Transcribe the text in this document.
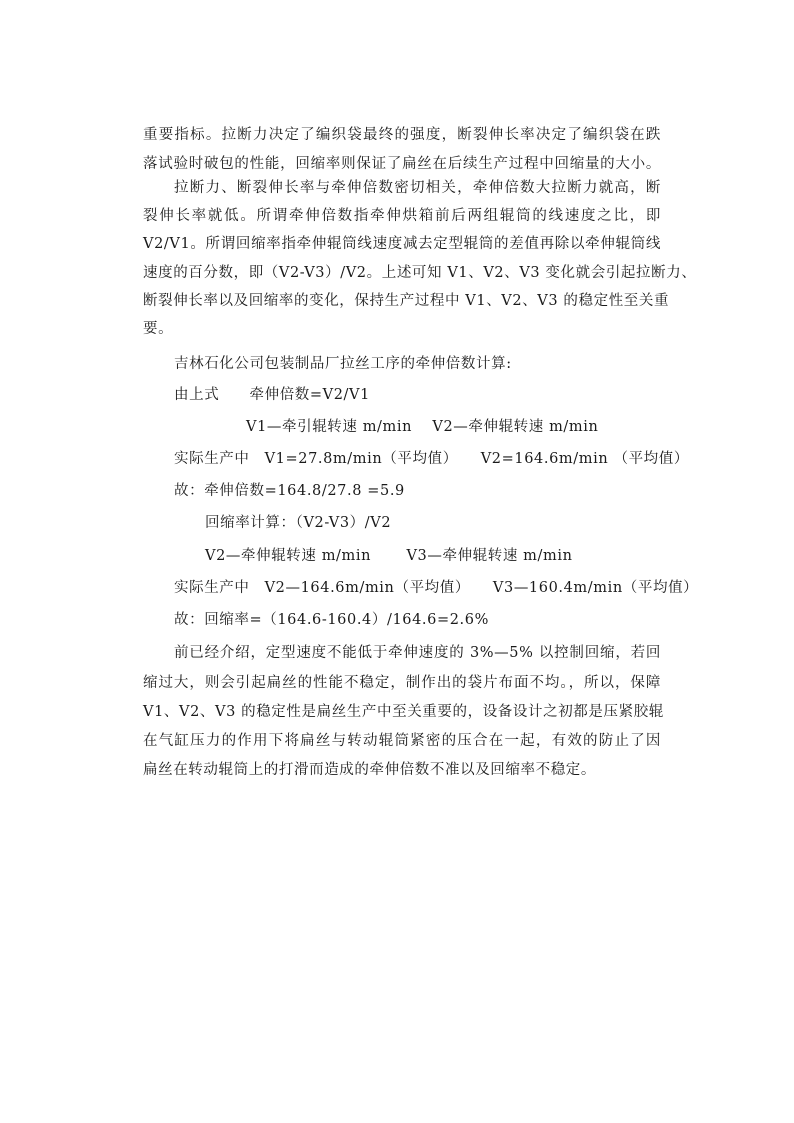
重要指标。拉断力决定了编织袋最终的强度，断裂伸长率决定了编织袋在跌
落试验时破包的性能，回缩率则保证了扁丝在后续生产过程中回缩量的大小。
拉断力、断裂伸长率与牵伸倍数密切相关，牵伸倍数大拉断力就高，断
裂伸长率就低。所谓牵伸倍数指牵伸烘箱前后两组辊筒的线速度之比，即
V2/V1。所谓回缩率指牵伸辊筒线速度减去定型辊筒的差值再除以牵伸辊筒线
速度的百分数，即（V2-V3）/V2。上述可知 V1、V2、V3 变化就会引起拉断力、
断裂伸长率以及回缩率的变化，保持生产过程中 V1、V2、V3 的稳定性至关重
要。
吉林石化公司包装制品厂拉丝工序的牵伸倍数计算:
由上式　　牵伸倍数=V2/V1
V1—牵引辊转速 m/min　 V2—牵伸辊转速 m/min
实际生产中　V1=27.8m/min（平均值）　　V2=164.6m/min （平均值）
故：牵伸倍数=164.8/27.8 =5.9
回缩率计算：（V2-V3）/V2
V2—牵伸辊转速 m/min　　 V3—牵伸辊转速 m/min
实际生产中　V2—164.6m/min（平均值）　　V3—160.4m/min（平均值）
故：回缩率=（164.6-160.4）/164.6=2.6%
前已经介绍，定型速度不能低于牵伸速度的 3%—5% 以控制回缩，若回
缩过大，则会引起扁丝的性能不稳定，制作出的袋片布面不均。，所以，保障
V1、V2、V3 的稳定性是扁丝生产中至关重要的，设备设计之初都是压紧胶辊
在气缸压力的作用下将扁丝与转动辊筒紧密的压合在一起，有效的防止了因
扁丝在转动辊筒上的打滑而造成的牵伸倍数不准以及回缩率不稳定。
